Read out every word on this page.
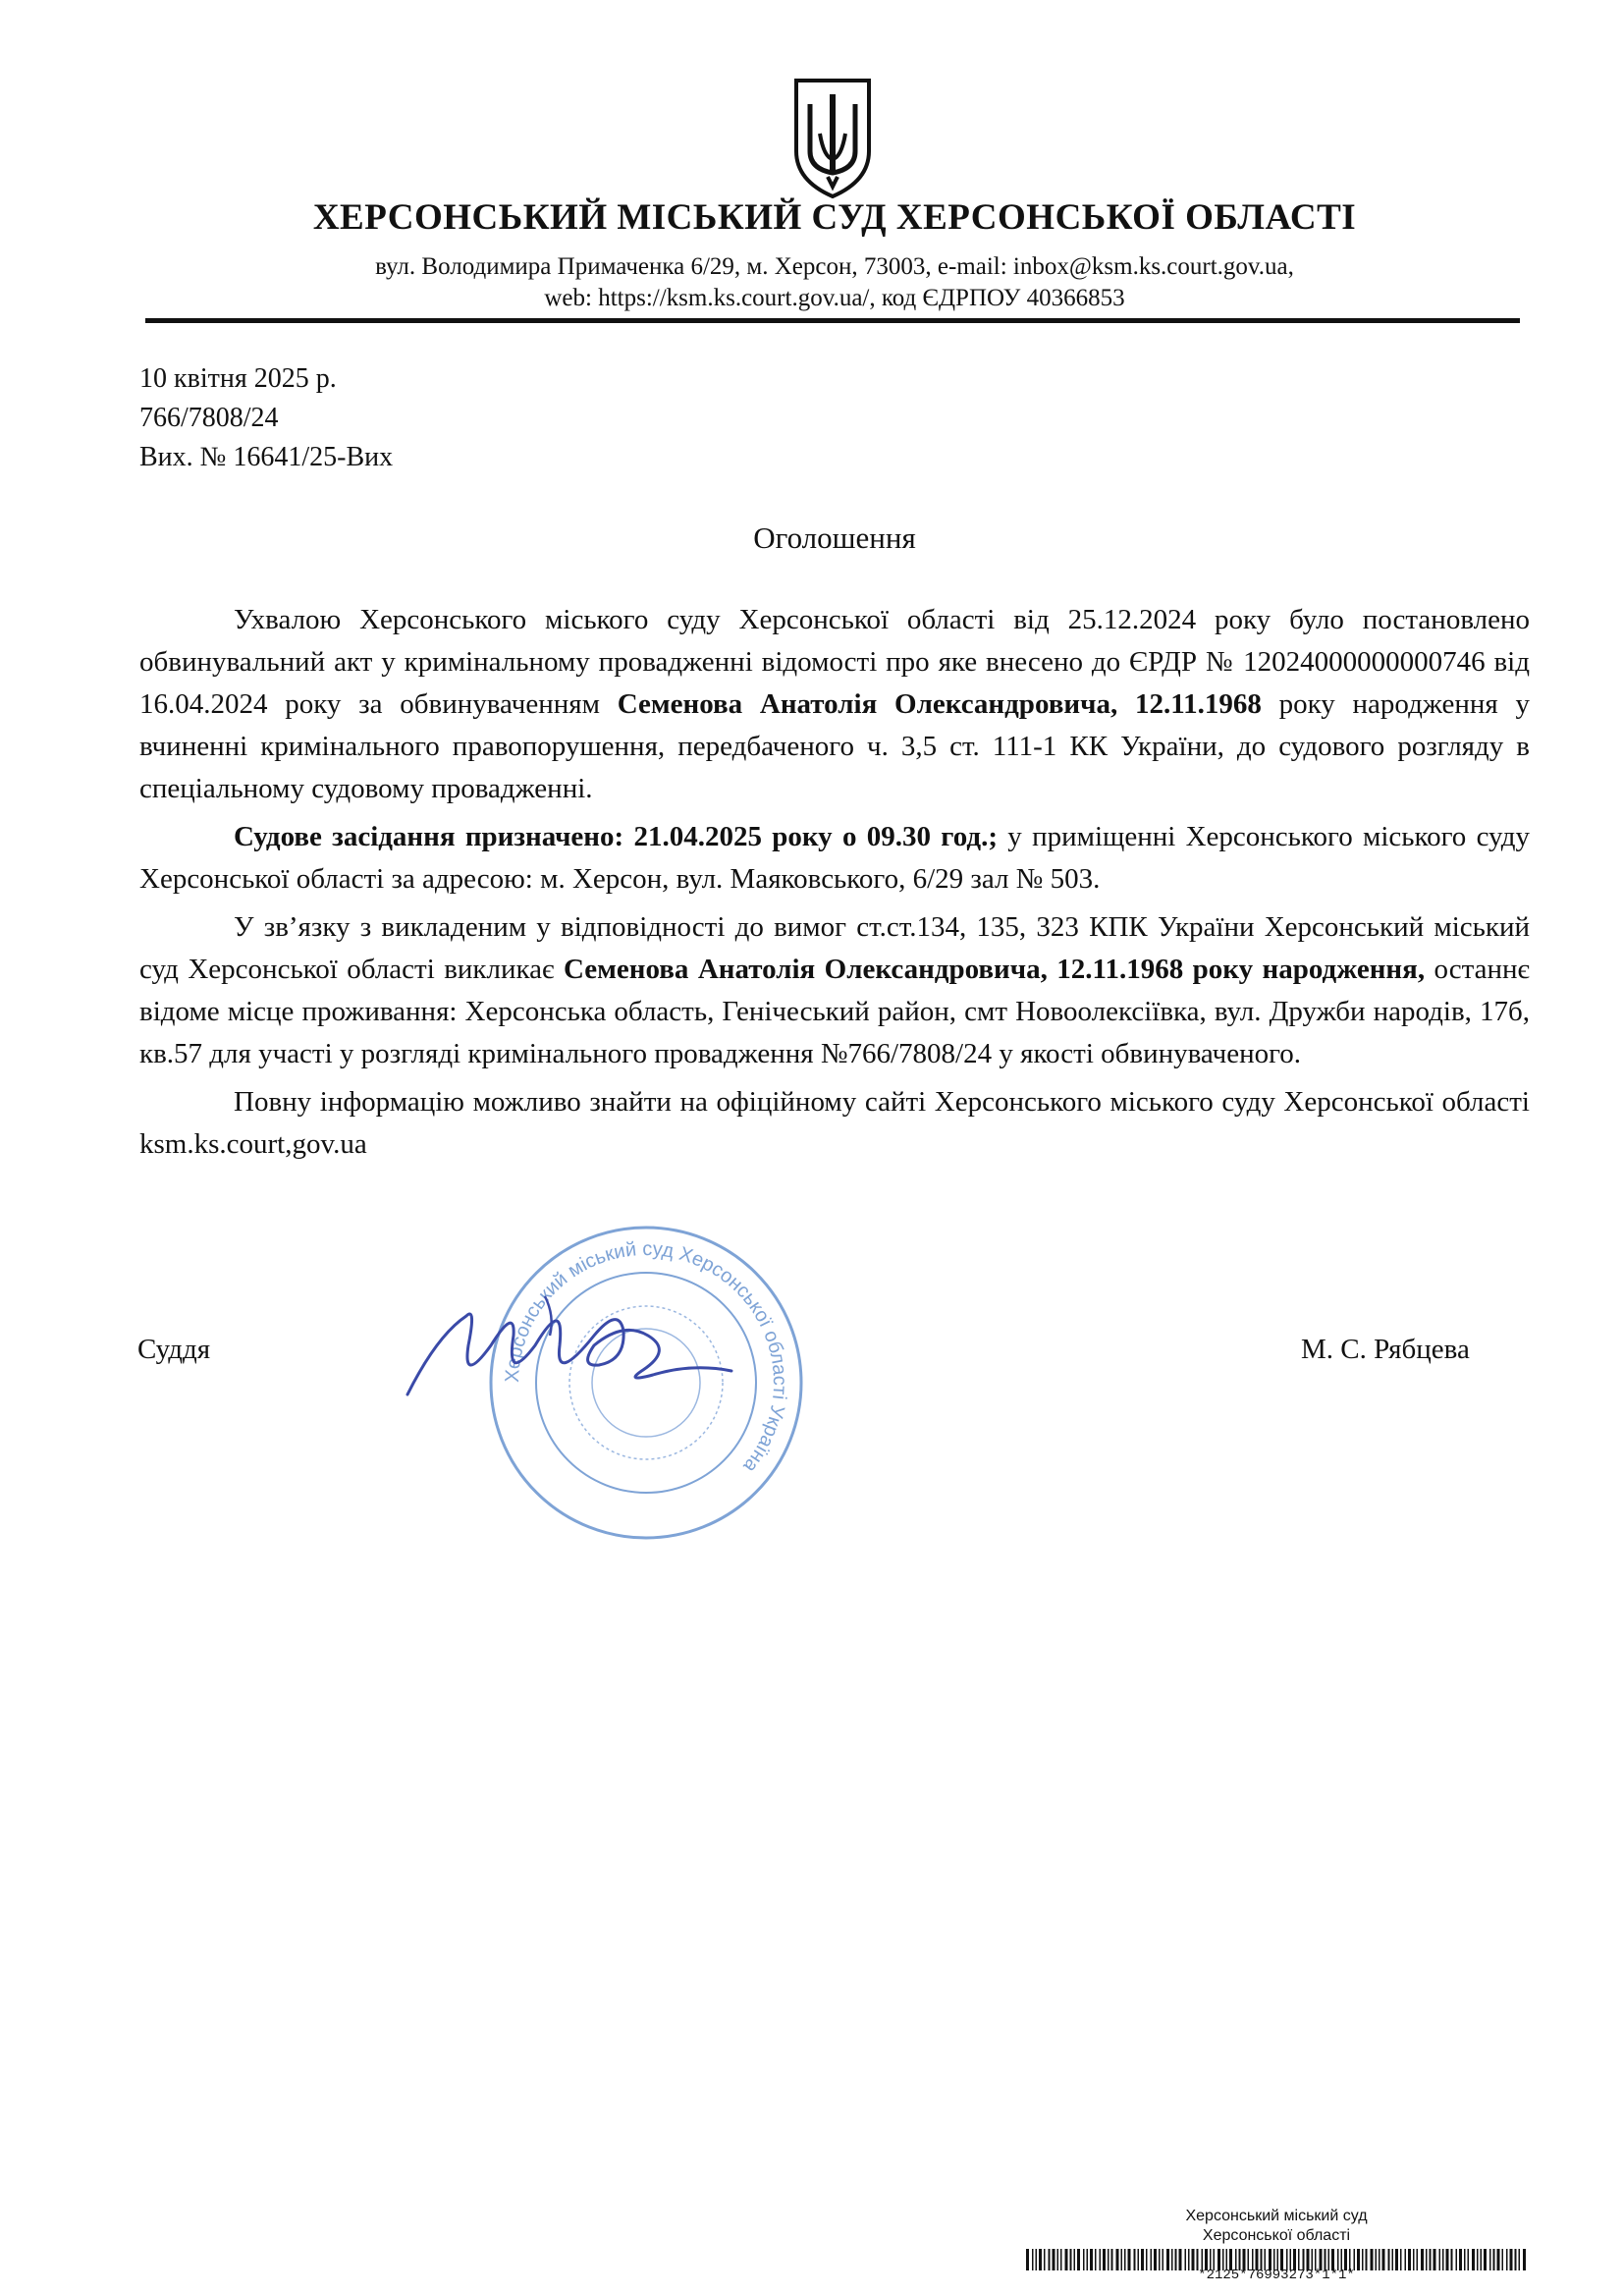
ХЕРСОНСЬКИЙ МІСЬКИЙ СУД ХЕРСОНСЬКОЇ ОБЛАСТІ
вул. Володимира Примаченка 6/29, м. Херсон, 73003, e-mail: inbox@ksm.ks.court.gov.ua,
web: https://ksm.ks.court.gov.ua/, код ЄДРПОУ 40366853
10 квітня 2025 р.
766/7808/24
Вих. № 16641/25-Вих
Оголошення

Ухвалою Херсонського міського суду Херсонської області від 25.12.2024 року було постановлено обвинувальний акт у кримінальному провадженні відомості про яке внесено до ЄРДР № 12024000000000746 від 16.04.2024 року за обвинуваченням Семенова Анатолія Олександровича, 12.11.1968 року народження у вчиненні кримінального правопорушення, передбаченого ч. 3,5 ст. 111-1 КК України, до судового розгляду в спеціальному судовому провадженні.

Судове засідання призначено: 21.04.2025 року о 09.30 год.; у приміщенні Херсонського міського суду Херсонської області за адресою: м. Херсон, вул. Маяковського, 6/29 зал № 503.

У зв’язку з викладеним у відповідності до вимог ст.ст.134, 135, 323 КПК України Херсонський міський суд Херсонської області викликає Семенова Анатолія Олександровича, 12.11.1968 року народження, останнє відоме місце проживання: Херсонська область, Генічеський район, смт Новоолексіївка, вул. Дружби народів, 17б, кв.57 для участі у розгляді кримінального провадження №766/7808/24 у якості обвинуваченого.

Повну інформацію можливо знайти на офіційному сайті Херсонського міського суду Херсонської області ksm.ks.court,gov.ua

Херсонський міський суд Херсонської області Україна
Суддя	М. С. Рябцева
Херсонський міський суд
Херсонської області
*2125*76993273*1*1*
